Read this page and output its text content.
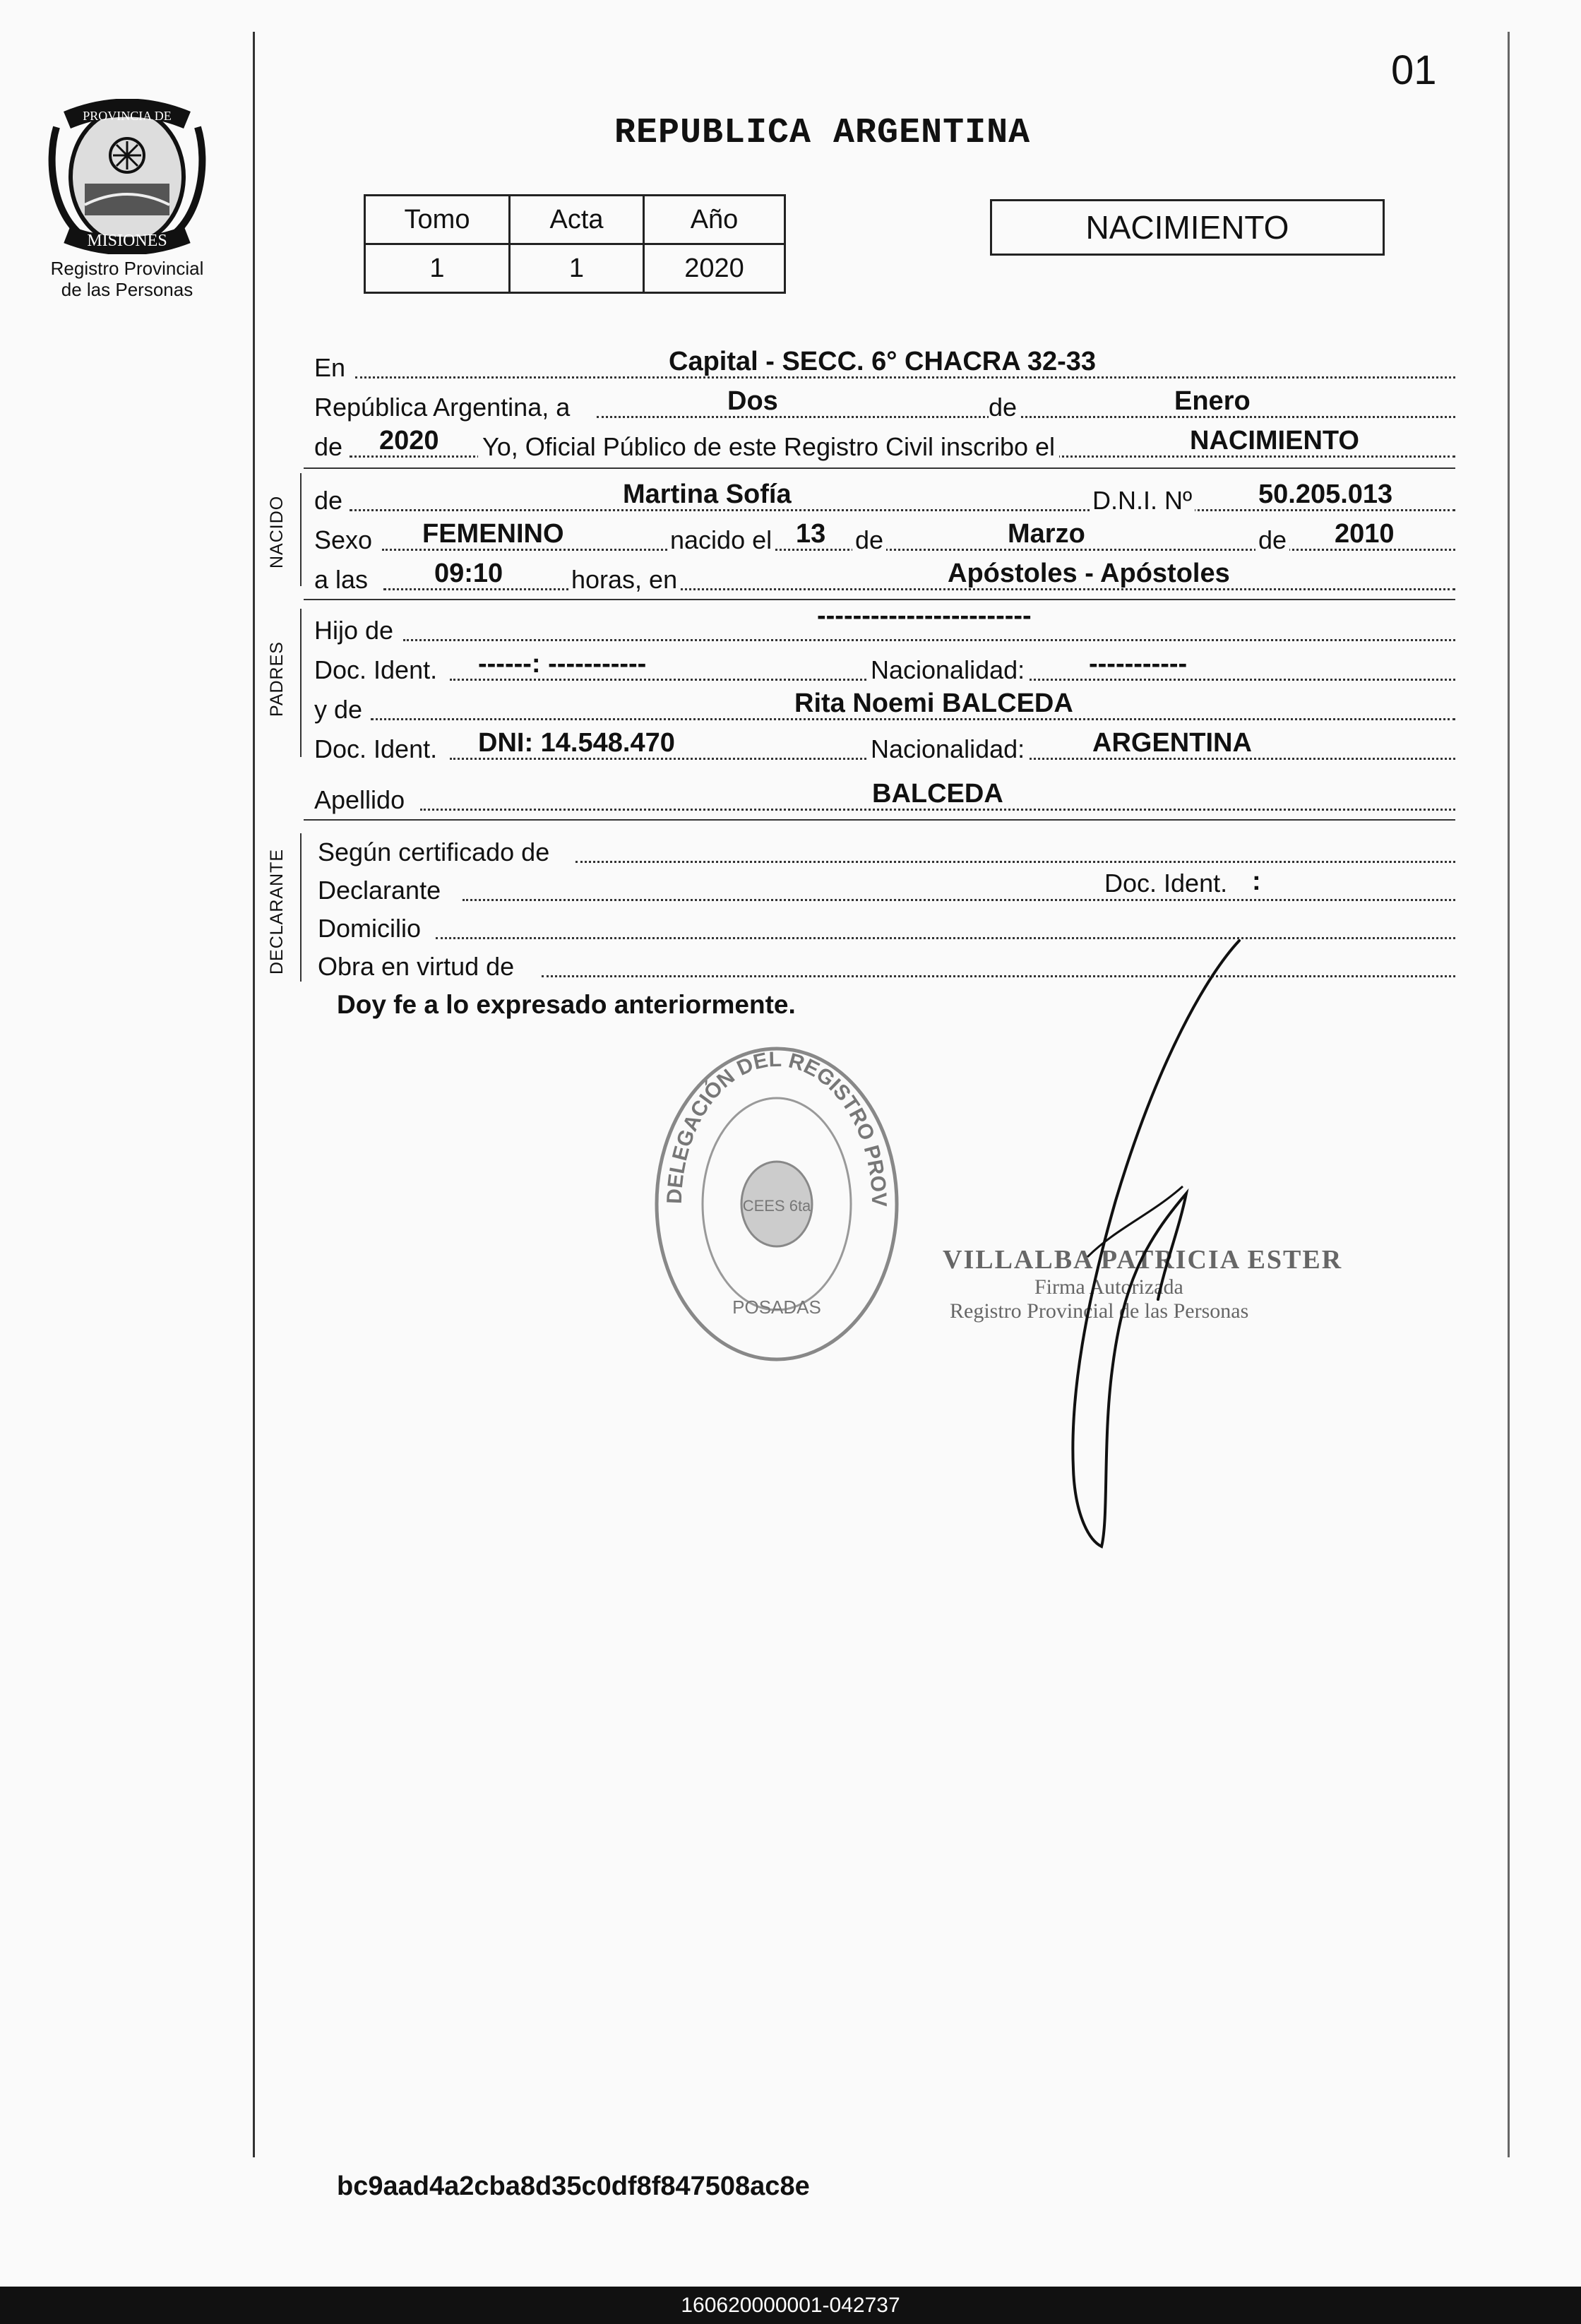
01
REPUBLICA ARGENTINA
PROVINCIA DE
MISIONES
Registro Provincial
de las Personas
Tomo	Acta	Año
1	1	2020
NACIMIENTO
En	Capital - SECC. 6° CHACRA 32-33
República Argentina, a	Dos	de	Enero
de 2020 Yo, Oficial Público de este Registro Civil inscribo el	NACIMIENTO
NACIDO de	Martina Sofía	D.N.I. Nº 50.205.013
Sexo FEMENINO	nacido el 13 de	Marzo	de 2010
a las 09:10	horas, en	Apóstoles - Apóstoles
PADRES
Hijo de	------------------------
Doc. Ident. ------: -----------	Nacionalidad: -----------
y de	Rita Noemi BALCEDA
Doc. Ident. DNI: 14.548.470	Nacionalidad:	ARGENTINA
Apellido	BALCEDA
DECLARANTE Según certificado de
Declarante	Doc. Ident. :
Domicilio
Obra en virtud de
Doy fe a lo expresado anteriormente.
DELEGACIÓN DEL REGISTRO PROV
CEES 6ta
POSADAS
VILLALBA PATRICIA ESTER
Firma Autorizada
Registro Provincial de las Personas
bc9aad4a2cba8d35c0df8f847508ac8e
160620000001-042737
